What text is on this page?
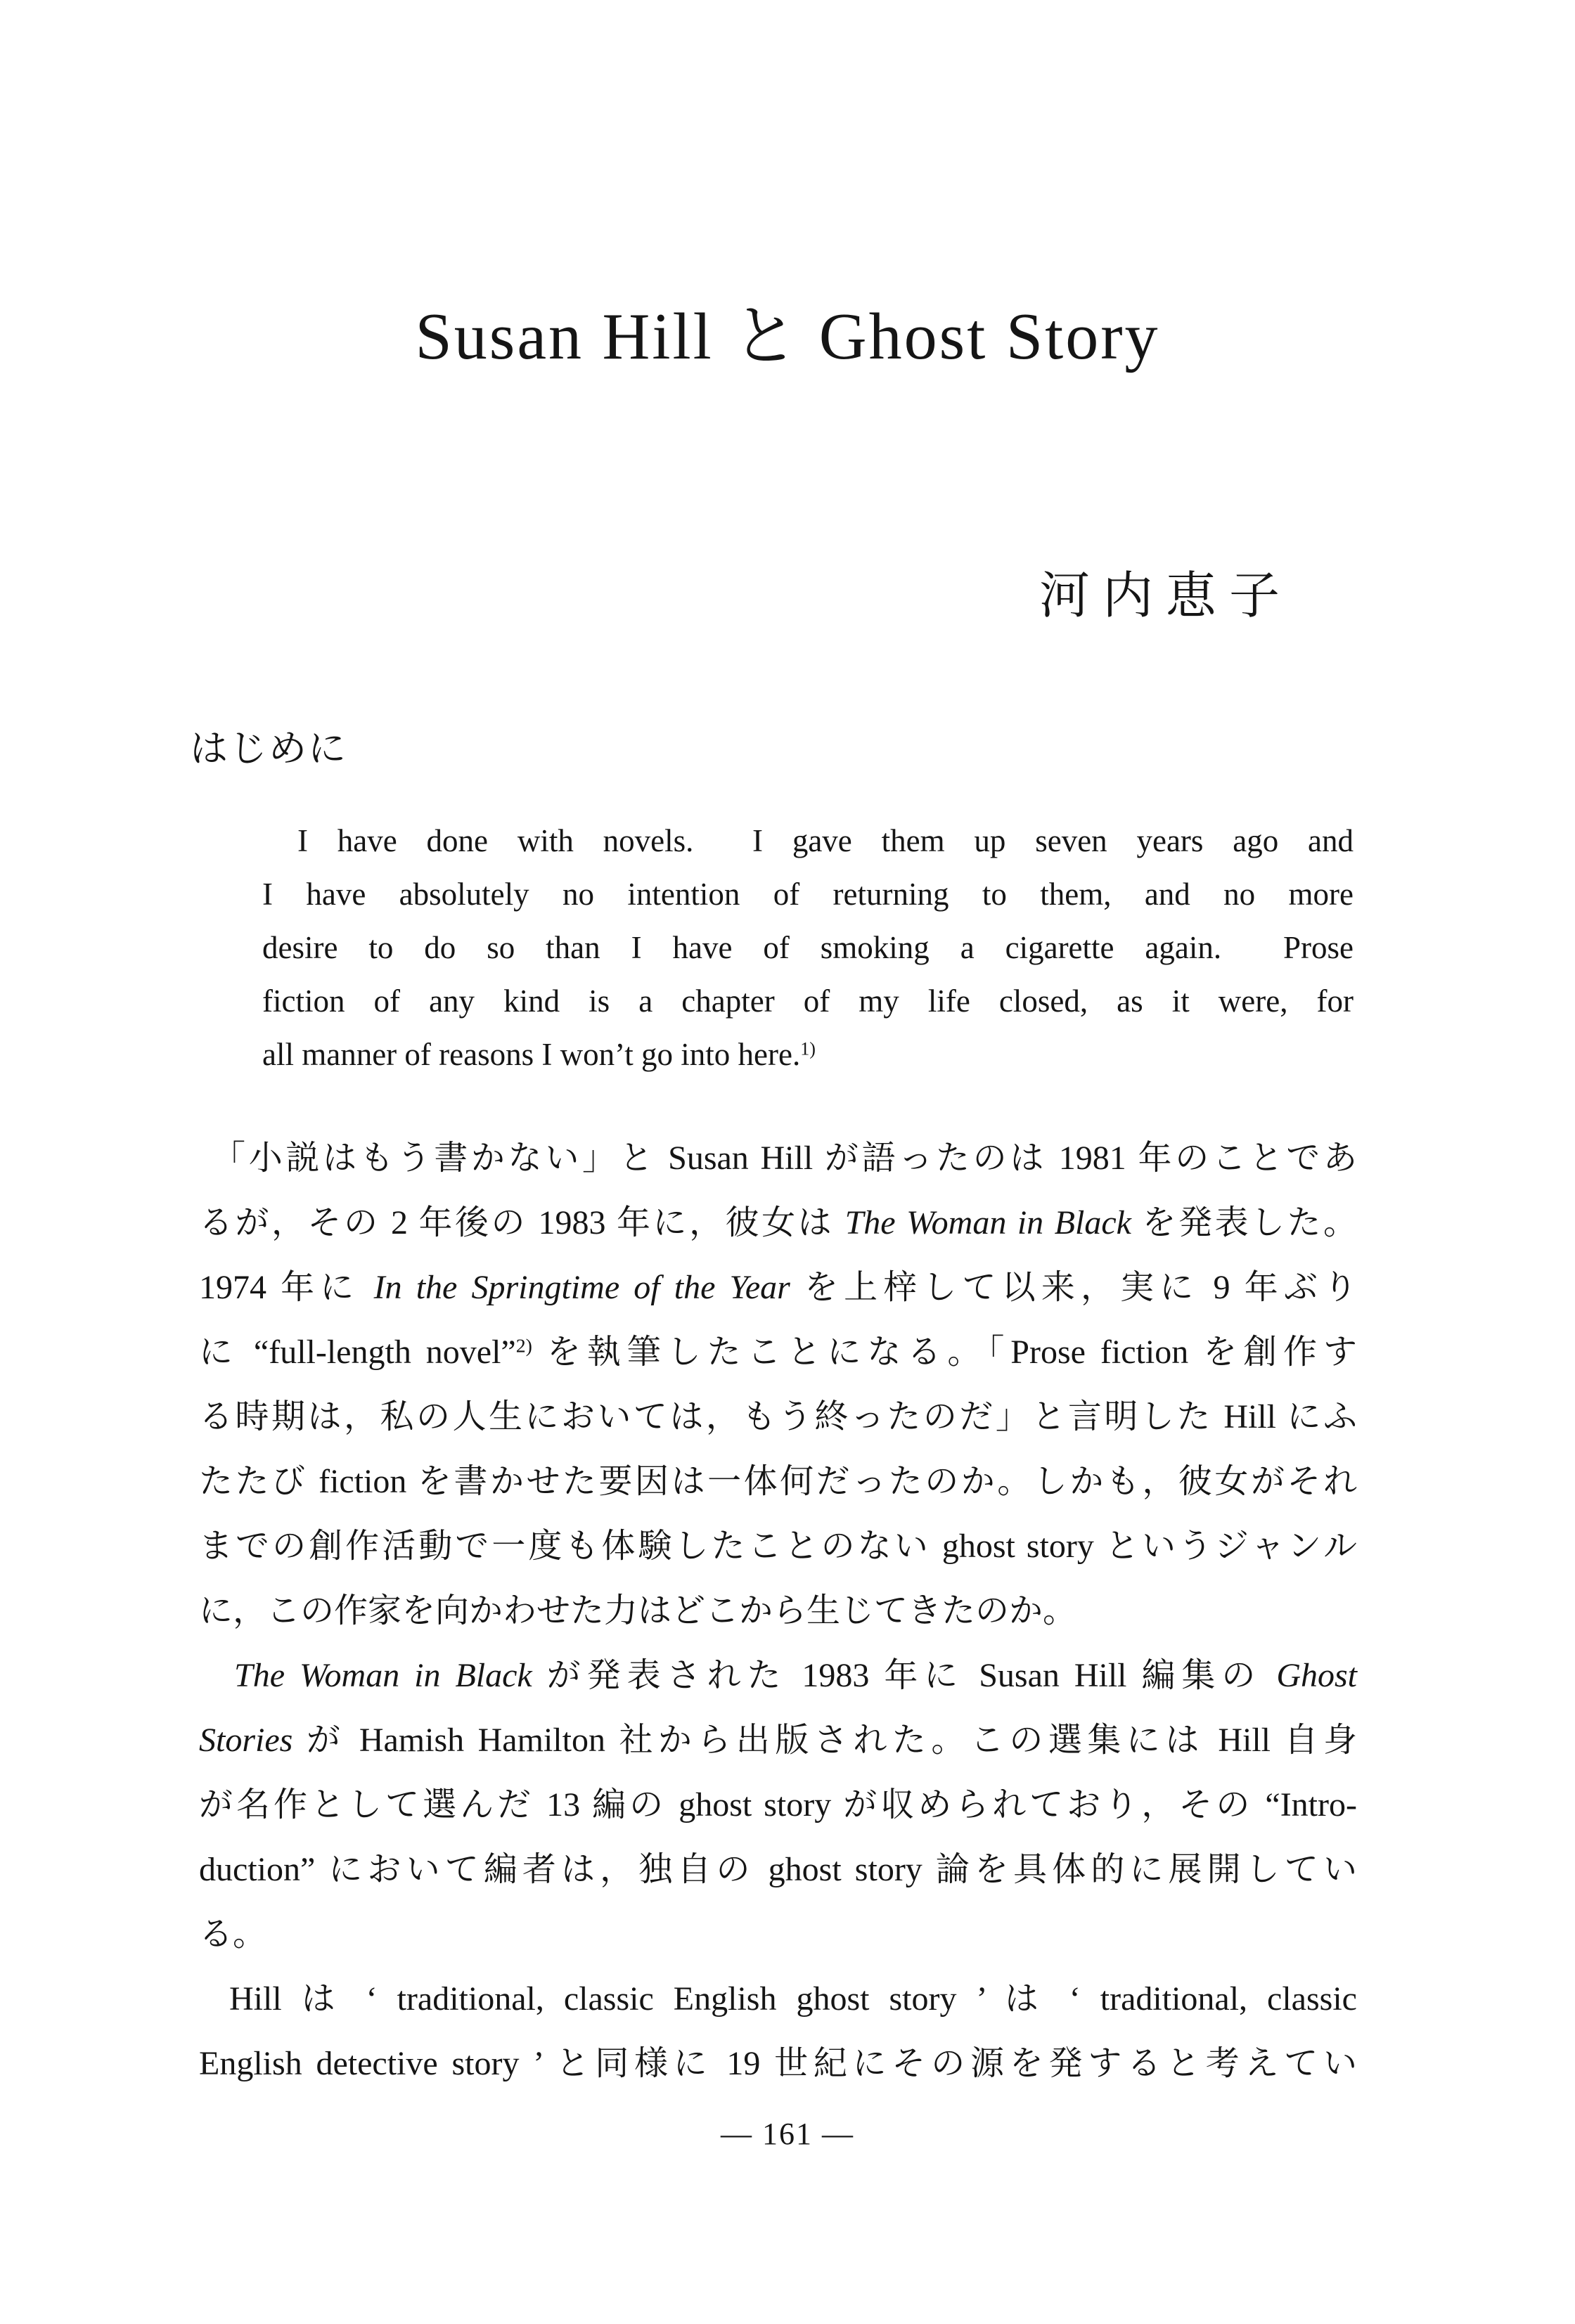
Susan Hill と Ghost Story
河 内 恵 子
はじめに
I have done with novels.  I gave them up seven years ago and
I have absolutely no intention of returning to them, and no more
desire to do so than I have of smoking a cigarette again.  Prose
fiction of any kind is a chapter of my life closed, as it were, for
all manner of reasons I won’t go into here.$^{1)}$
「小説はもう書かない」と Susan Hill が語ったのは 1981 年のことであ
るが，その 2 年後の 1983 年に，彼女は The Woman in Black を発表した。
1974 年に In the Springtime of the Year を上梓して以来，実に 9 年ぶり
に “full-length novel”$^{2)}$ を執筆したことになる。「Prose fiction を創作す
る時期は，私の人生においては，もう終ったのだ」と言明した Hill にふ
たたび fiction を書かせた要因は一体何だったのか。しかも，彼女がそれ
までの創作活動で一度も体験したことのない ghost story というジャンル
に，この作家を向かわせた力はどこから生じてきたのか。
The Woman in Black が発表された 1983 年に Susan Hill 編集の Ghost
Stories が Hamish Hamilton 社から出版された。この選集には Hill 自身
が名作として選んだ 13 編の ghost story が収められており，その “Intro-
duction” において編者は，独自の ghost story 論を具体的に展開してい
る。
Hill は ‘ traditional, classic English ghost story ’ は ‘ traditional, classic
English detective story ’ と同様に 19 世紀にその源を発すると考えてい
— 161 —
